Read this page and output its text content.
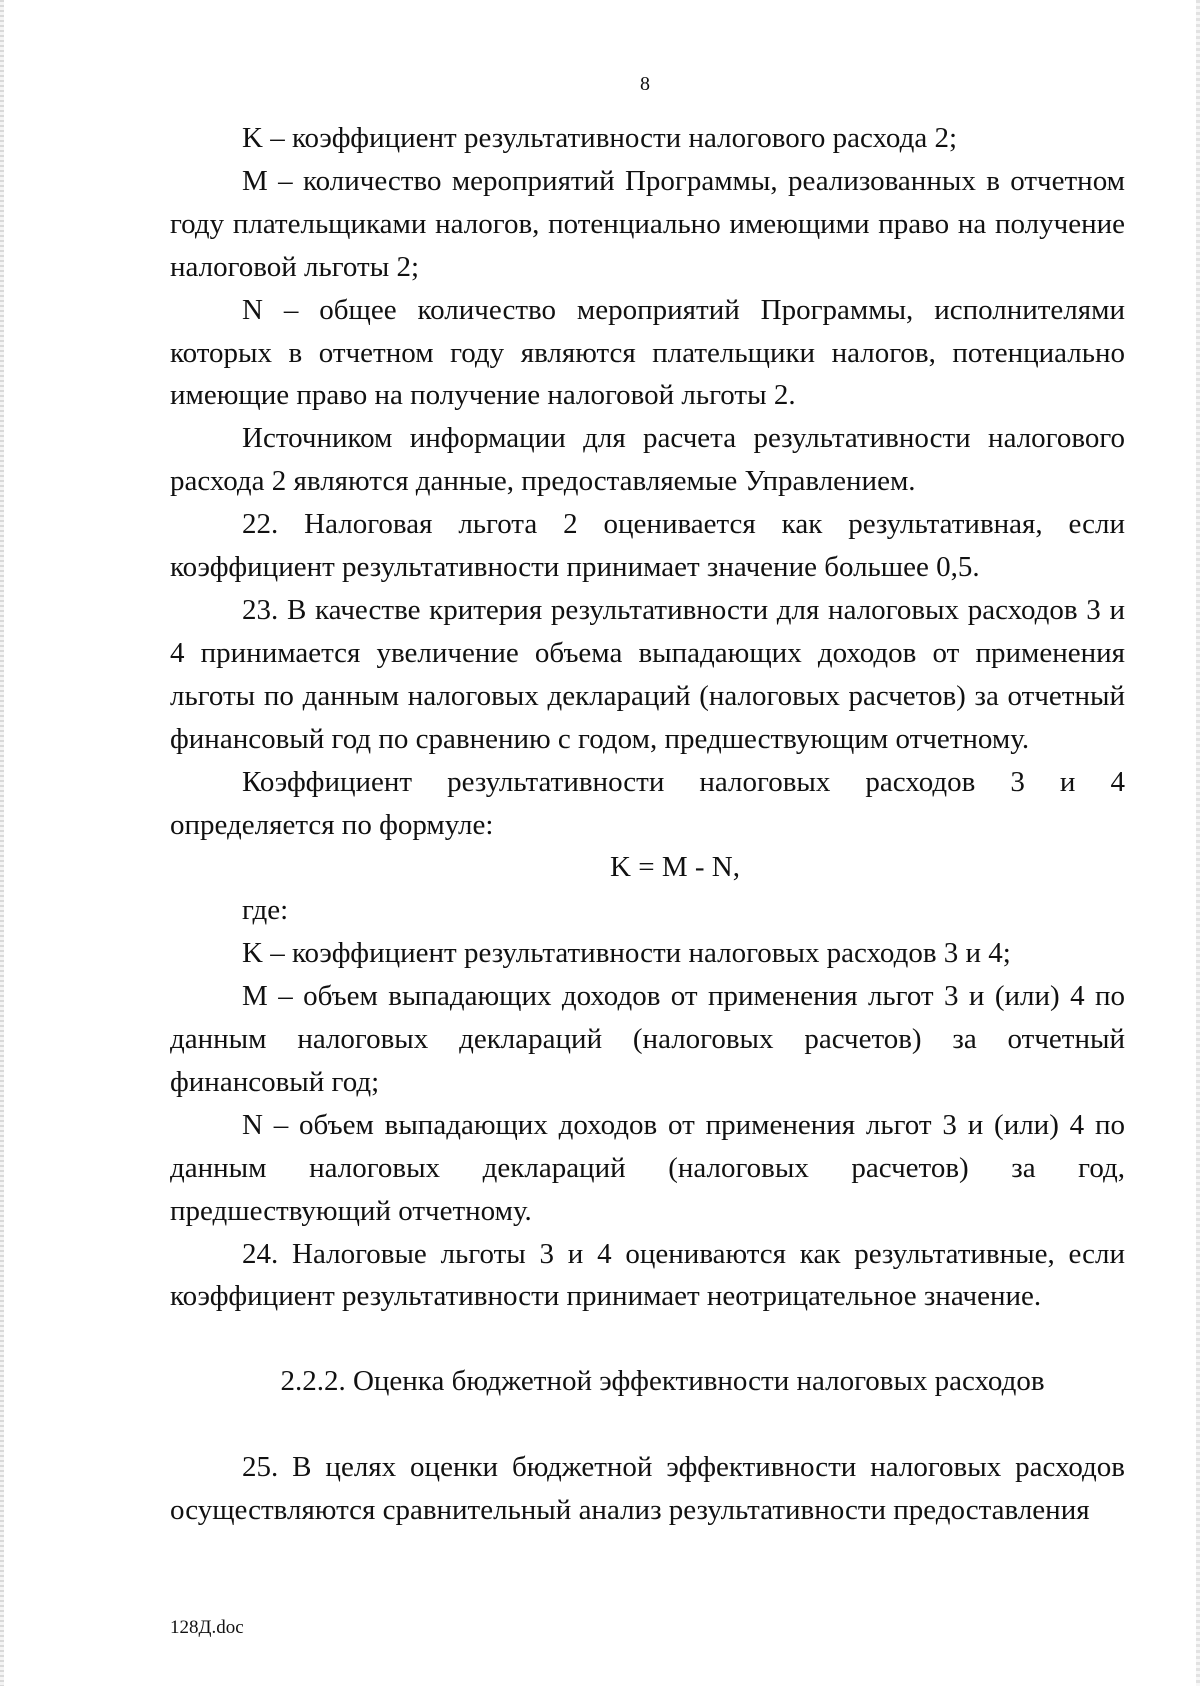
8

K – коэффициент результативности налогового расхода 2;

M – количество мероприятий Программы, реализованных в отчетном году плательщиками налогов, потенциально имеющими право на получение налоговой льготы 2;

N – общее количество мероприятий Программы, исполнителями которых в отчетном году являются плательщики налогов, потенциально имеющие право на получение налоговой льготы 2.

Источником информации для расчета результативности налогового расхода 2 являются данные, предоставляемые Управлением.

22. Налоговая льгота 2 оценивается как результативная, если коэффициент результативности принимает значение большее 0,5.

23. В качестве критерия результативности для налоговых расходов 3 и 4 принимается увеличение объема выпадающих доходов от применения льготы по данным налоговых деклараций (налоговых расчетов) за отчетный финансовый год по сравнению с годом, предшествующим отчетному.

Коэффициент результативности налоговых расходов 3 и 4 определяется по формуле:

K = M - N,

где:

K – коэффициент результативности налоговых расходов 3 и 4;

M – объем выпадающих доходов от применения льгот 3 и (или) 4 по данным налоговых деклараций (налоговых расчетов) за отчетный финансовый год;

N – объем выпадающих доходов от применения льгот 3 и (или) 4 по данным налоговых деклараций (налоговых расчетов) за год, предшествующий отчетному.

24. Налоговые льготы 3 и 4 оцениваются как результативные, если коэффициент результативности принимает неотрицательное значение.

2.2.2. Оценка бюджетной эффективности налоговых расходов

25. В целях оценки бюджетной эффективности налоговых расходов осуществляются сравнительный анализ результативности предоставления

128Д.doc
